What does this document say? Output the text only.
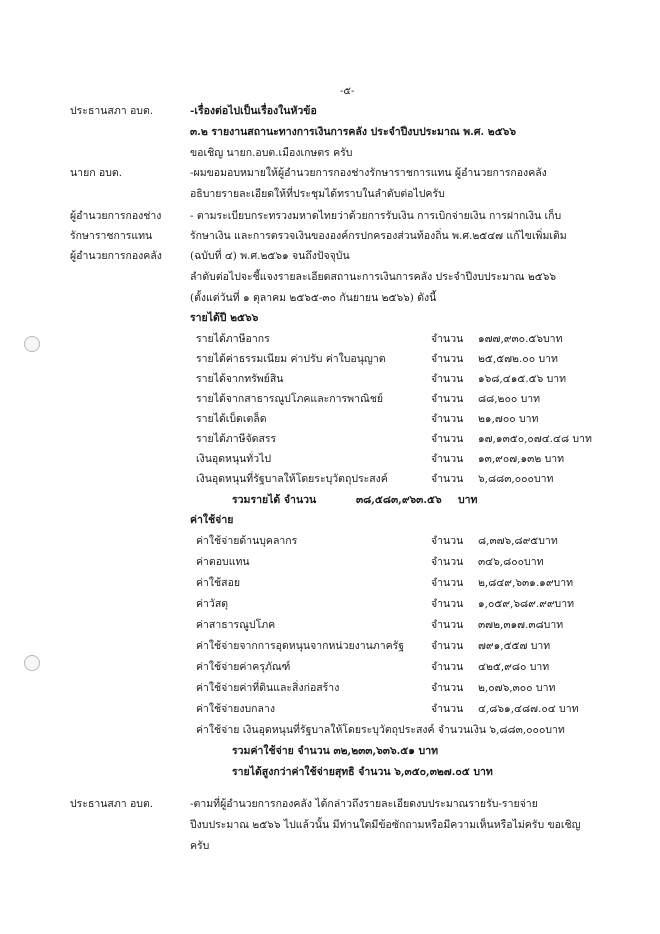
-๕-
ประธานสภา อบต.	-เรื่องต่อไปเป็นเรื่องในหัวข้อ
๓.๒ รายงานสถานะทางการเงินการคลัง ประจำปีงบประมาณ พ.ศ. ๒๕๖๖
ขอเชิญ นายก.อบต.เมืองเกษตร ครับ
นายก อบต.	-ผมขอมอบหมายให้ผู้อำนวยการกองช่างรักษาราชการแทน ผู้อำนวยการกองคลัง
อธิบายรายละเอียดให้ที่ประชุมได้ทราบในลำดับต่อไปครับ
ผู้อำนวยการกองช่าง
รักษาราชการแทน
ผู้อำนวยการกองคลัง
- ตามระเบียบกระทรวงมหาดไทยว่าด้วยการรับเงิน การเบิกจ่ายเงิน การฝากเงิน เก็บ
รักษาเงิน และการตรวจเงินขององค์กรปกครองส่วนท้องถิ่น พ.ศ.๒๕๔๗ แก้ไขเพิ่มเติม
(ฉบับที่ ๔) พ.ศ.๒๕๖๑ จนถึงปัจจุบัน
ลำดับต่อไปจะชี้แจงรายละเอียดสถานะการเงินการคลัง ประจำปีงบประมาณ ๒๕๖๖
(ตั้งแต่วันที่ ๑ ตุลาคม ๒๕๖๕-๓๐ กันยายน ๒๕๖๖) ดังนี้
รายได้ปี ๒๕๖๖
รายได้ภาษีอากร	จำนวน ๑๗๗,๙๓๐.๕๖บาท
รายได้ค่าธรรมเนียม ค่าปรับ ค่าใบอนุญาต	จำนวน ๒๕,๕๗๒.๐๐ บาท
รายได้จากทรัพย์สิน	จำนวน ๑๖๘,๔๑๕.๕๖ บาท
รายได้จากสาธารณูปโภคและการพาณิชย์	จำนวน ๘๘,๒๐๐ บาท
รายได้เบ็ดเตล็ด	จำนวน ๒๑,๗๐๐ บาท
รายได้ภาษีจัดสรร	จำนวน ๑๗,๑๓๕๐,๐๗๔.๔๘ บาท
เงินอุดหนุนทั่วไป	จำนวน ๑๓,๙๐๗,๑๓๒ บาท
เงินอุดหนุนที่รัฐบาลให้โดยระบุวัตถุประสงค์	จำนวน ๖,๘๘๓,๐๐๐บาท
รวมรายได้ จำนวน	๓๘,๕๘๓,๙๖๓.๕๖ บาท
ค่าใช้จ่าย
ค่าใช้จ่ายด้านบุคลากร	จำนวน ๘,๓๗๖,๘๙๕บาท
ค่าตอบแทน	จำนวน ๓๔๖,๘๐๐บาท
ค่าใช้สอย	จำนวน ๒,๘๔๙,๖๓๑.๑๙บาท
ค่าวัสดุ	จำนวน ๑,๐๕๙,๖๘๙.๙๙บาท
ค่าสาธารณูปโภค	จำนวน ๓๗๒,๓๑๗.๓๘บาท
ค่าใช้จ่ายจากการอุดหนุนจากหน่วยงานภาครัฐ	จำนวน ๗๙๑,๕๕๗ บาท
ค่าใช้จ่ายค่าครุภัณฑ์	จำนวน ๔๒๕,๙๘๐ บาท
ค่าใช้จ่ายค่าที่ดินและสิ่งก่อสร้าง	จำนวน ๒,๐๗๖,๓๐๐ บาท
ค่าใช้จ่ายงบกลาง	จำนวน ๔,๘๖๑,๔๘๗.๐๔ บาท
ค่าใช้จ่าย เงินอุดหนุนที่รัฐบาลให้โดยระบุวัตถุประสงค์ จำนวนเงิน ๖,๘๘๓,๐๐๐บาท
รวมค่าใช้จ่าย จำนวน ๓๒,๒๓๓,๖๓๖.๕๑ บาท
รายได้สูงกว่าค่าใช้จ่ายสุทธิ จำนวน ๖,๓๕๐,๓๒๗.๐๕ บาท
ประธานสภา อบต.	-ตามที่ผู้อำนวยการกองคลัง ได้กล่าวถึงรายละเอียดงบประมาณรายรับ-รายจ่าย
ปีงบประมาณ ๒๕๖๖ ไปแล้วนั้น มีท่านใดมีข้อซักถามหรือมีความเห็นหรือไม่ครับ ขอเชิญ
ครับ
